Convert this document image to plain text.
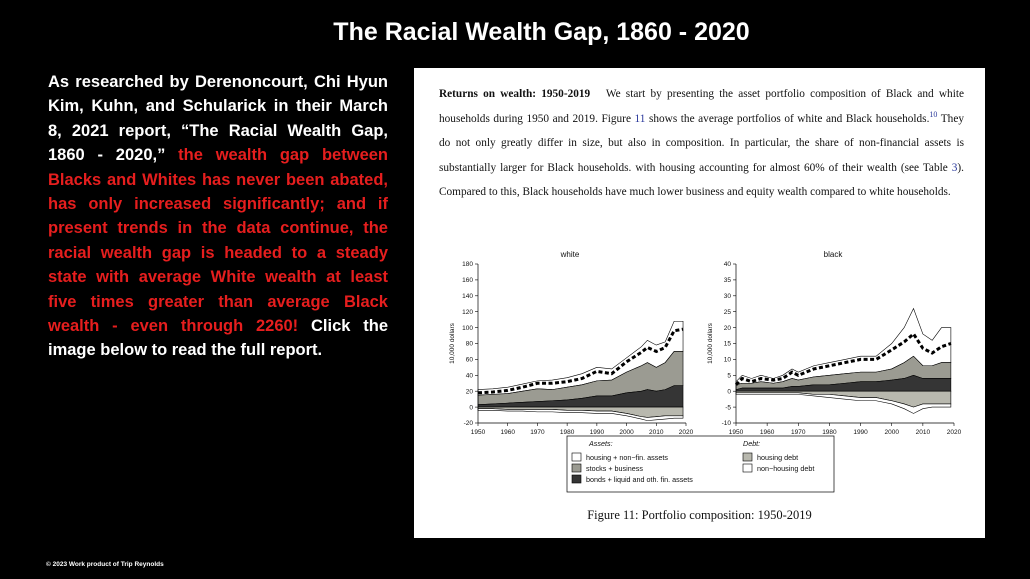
The Racial Wealth Gap, 1860 - 2020
As researched by Derenoncourt, Chi Hyun Kim, Kuhn, and Schularick in their March 8, 2021 report, “The Racial Wealth Gap, 1860 - 2020,” the wealth gap between Blacks and Whites has never been abated, has only increased significantly; and if present trends in the data continue, the racial wealth gap is headed to a steady state with average White wealth at least five times greater than average Black wealth - even through 2260! Click the image below to read the full report.
© 2023 Work product of Trip Reynolds
Returns on wealth: 1950-2019 We start by presenting the asset portfolio composition of Black and white households during 1950 and 2019. Figure 11 shows the average portfolios of white and Black households.$^{10}$ They do not only greatly differ in size, but also in composition. In particular, the share of non-financial assets is substantially larger for Black households. with housing accounting for almost 60% of their wealth (see Table 3). Compared to this, Black households have much lower business and equity wealth compared to white households.
-20
0
20
40
60
80
100
120
140
160
180
1950 1960 1970 1980 1990 2000 2010 2020
white
10,000 dollars
-10
-5
0
5
10
15
20
25
30
35
40
1950	1960	1970	1980	1990	2000	2010	2020
black
10,000 dollars
Assets:	Debt:
housing + non−fin. assets
stocks + business
bonds + liquid and oth. fin. assets
housing debt
non−housing debt
Figure 11: Portfolio composition: 1950-2019
